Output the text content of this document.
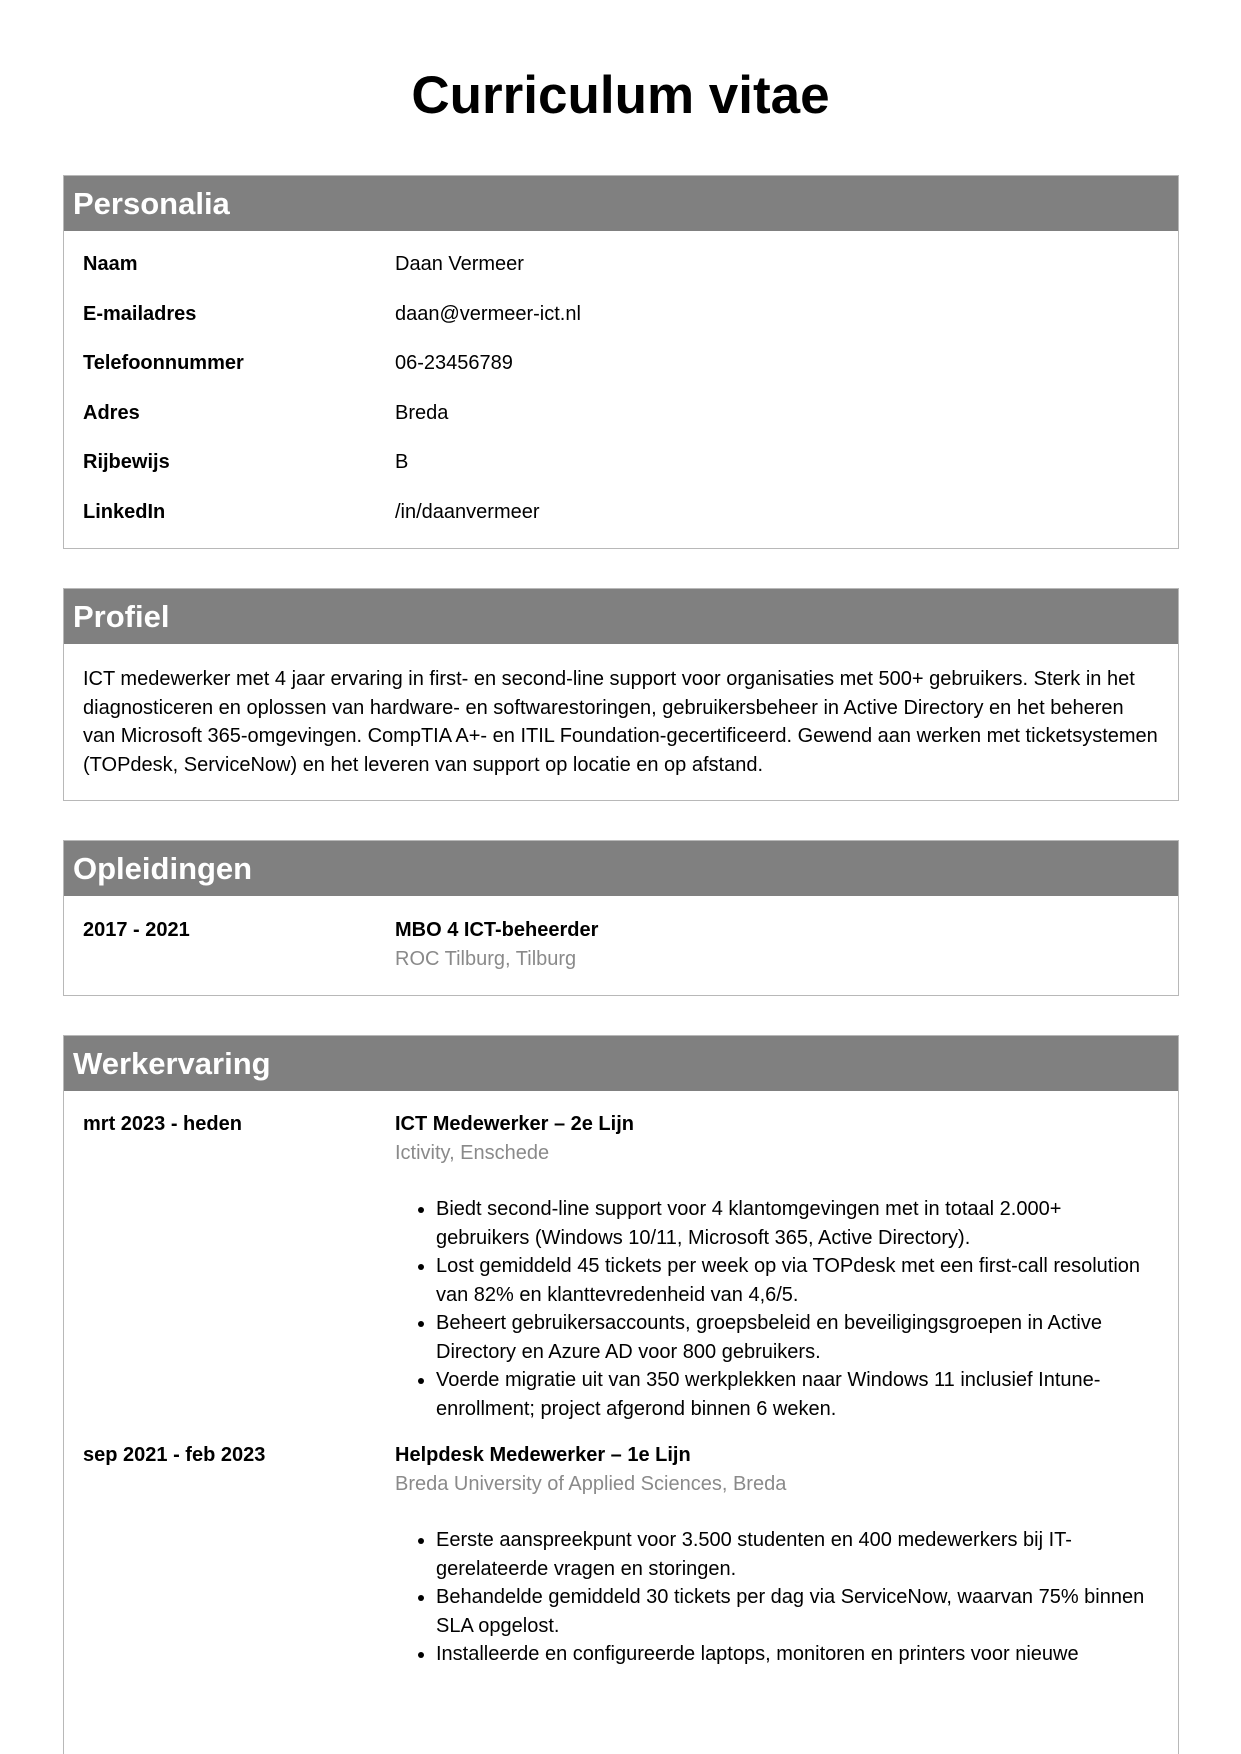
Curriculum vitae
Personalia
Naam	Daan Vermeer
E-mailadres	daan@vermeer-ict.nl
Telefoonnummer	06-23456789
Adres	Breda
Rijbewijs	B
LinkedIn	/in/daanvermeer
Profiel
ICT medewerker met 4 jaar ervaring in first- en second-line support voor organisaties met 500+ gebruikers. Sterk in het diagnosticeren en oplossen van hardware- en softwarestoringen, gebruikersbeheer in Active Directory en het beheren van Microsoft 365-omgevingen. CompTIA A+- en ITIL Foundation-gecertificeerd. Gewend aan werken met ticketsystemen (TOPdesk, ServiceNow) en het leveren van support op locatie en op afstand.
Opleidingen
2017 - 2021	MBO 4 ICT-beheerder
ROC Tilburg, Tilburg
Werkervaring
mrt 2023 - heden	ICT Medewerker – 2e Lijn
Ictivity, Enschede
• Biedt second-line support voor 4 klantomgevingen met in totaal 2.000+ gebruikers (Windows 10/11, Microsoft 365, Active Directory).
• Lost gemiddeld 45 tickets per week op via TOPdesk met een first-call resolution van 82% en klanttevredenheid van 4,6/5.
• Beheert gebruikersaccounts, groepsbeleid en beveiligingsgroepen in Active Directory en Azure AD voor 800 gebruikers.
• Voerde migratie uit van 350 werkplekken naar Windows 11 inclusief Intune-enrollment; project afgerond binnen 6 weken.
sep 2021 - feb 2023	Helpdesk Medewerker – 1e Lijn
Breda University of Applied Sciences, Breda
• Eerste aanspreekpunt voor 3.500 studenten en 400 medewerkers bij IT-gerelateerde vragen en storingen.
• Behandelde gemiddeld 30 tickets per dag via ServiceNow, waarvan 75% binnen SLA opgelost.
• Installeerde en configureerde laptops, monitoren en printers voor nieuwe
